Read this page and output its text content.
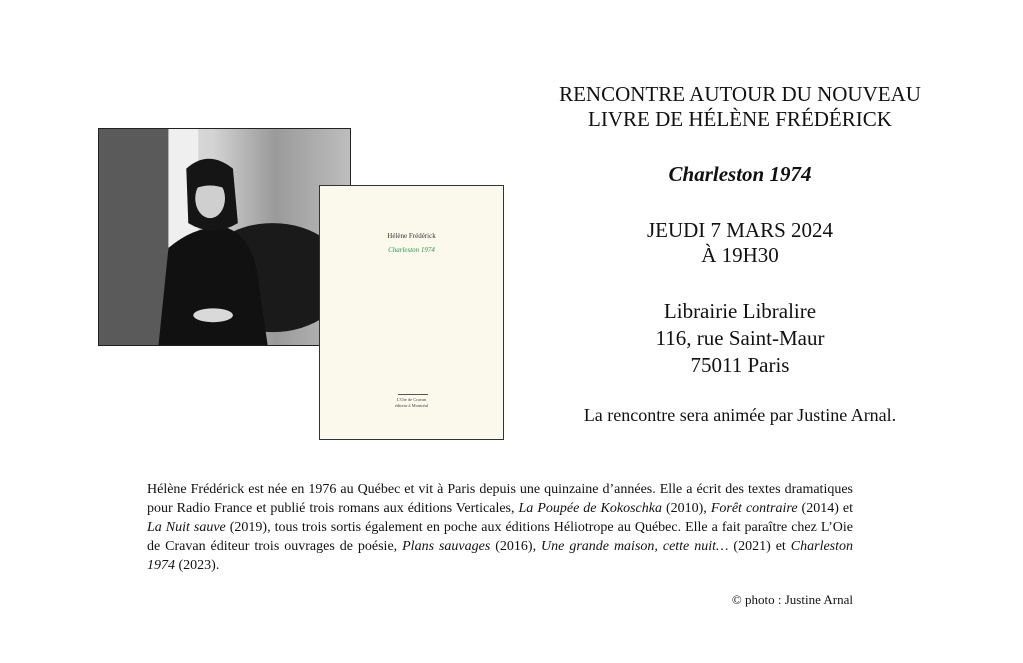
Hélène Frédérick
Charleston 1974
L'Oie de Cravan
éditeur à Montréal
RENCONTRE AUTOUR DU NOUVEAU
LIVRE DE HÉLÈNE FRÉDÉRICK
Charleston 1974
JEUDI 7 MARS 2024
À 19H30
Librairie Libralire
116, rue Saint-Maur
75011 Paris
La rencontre sera animée par Justine Arnal.
Hélène Frédérick est née en 1976 au Québec et vit à Paris depuis une quinzaine d’années. Elle a écrit des textes dramatiques pour Radio France et publié trois romans aux éditions Verticales, La Poupée de Kokoschka (2010), Forêt contraire (2014) et La Nuit sauve (2019), tous trois sortis également en poche aux éditions Héliotrope au Québec. Elle a fait paraître chez L’Oie de Cravan éditeur trois ouvrages de poésie, Plans sauvages (2016), Une grande maison, cette nuit… (2021) et Charleston 1974 (2023).
© photo : Justine Arnal
